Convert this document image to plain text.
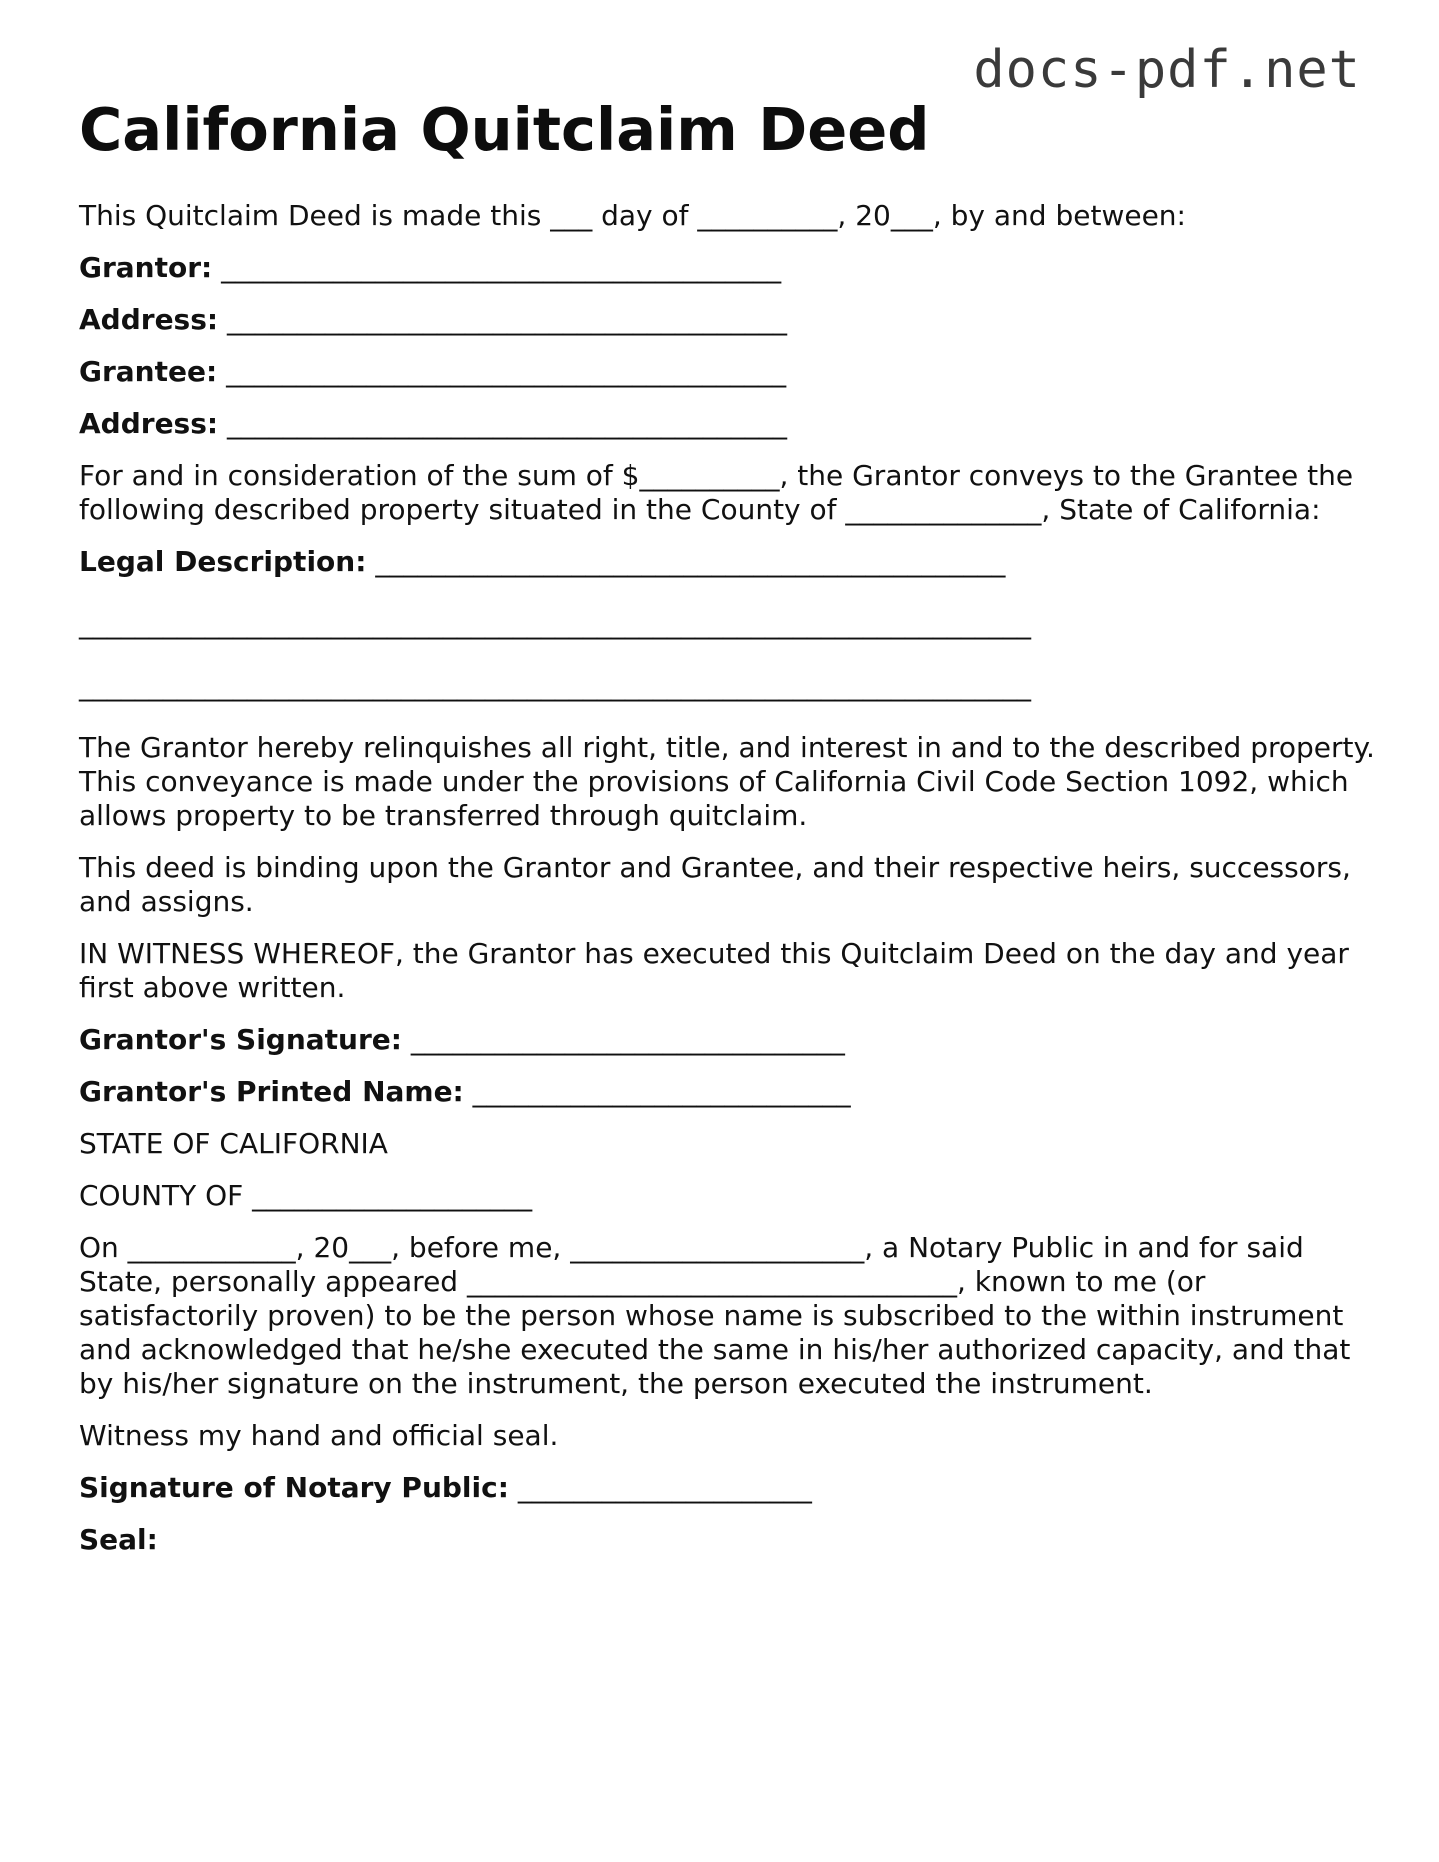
docs-pdf.net
California Quitclaim Deed

This Quitclaim Deed is made this ___ day of __________, 20___, by and between:

Grantor: ________________________________________

Address: ________________________________________

Grantee: ________________________________________

Address: ________________________________________

For and in consideration of the sum of $__________, the Grantor conveys to the Grantee the following described property situated in the County of ______________, State of California:

Legal Description: _____________________________________________

____________________________________________________________________

____________________________________________________________________

The Grantor hereby relinquishes all right, title, and interest in and to the described property. This conveyance is made under the provisions of California Civil Code Section 1092, which allows property to be transferred through quitclaim.

This deed is binding upon the Grantor and Grantee, and their respective heirs, successors, and assigns.

IN WITNESS WHEREOF, the Grantor has executed this Quitclaim Deed on the day and year first above written.

Grantor's Signature: _______________________________

Grantor's Printed Name: ___________________________

STATE OF CALIFORNIA

COUNTY OF ____________________

On ____________, 20___, before me, _____________________, a Notary Public in and for said State, personally appeared ___________________________________, known to me (or satisfactorily proven) to be the person whose name is subscribed to the within instrument and acknowledged that he/she executed the same in his/her authorized capacity, and that by his/her signature on the instrument, the person executed the instrument.

Witness my hand and official seal.

Signature of Notary Public: _____________________

Seal:
